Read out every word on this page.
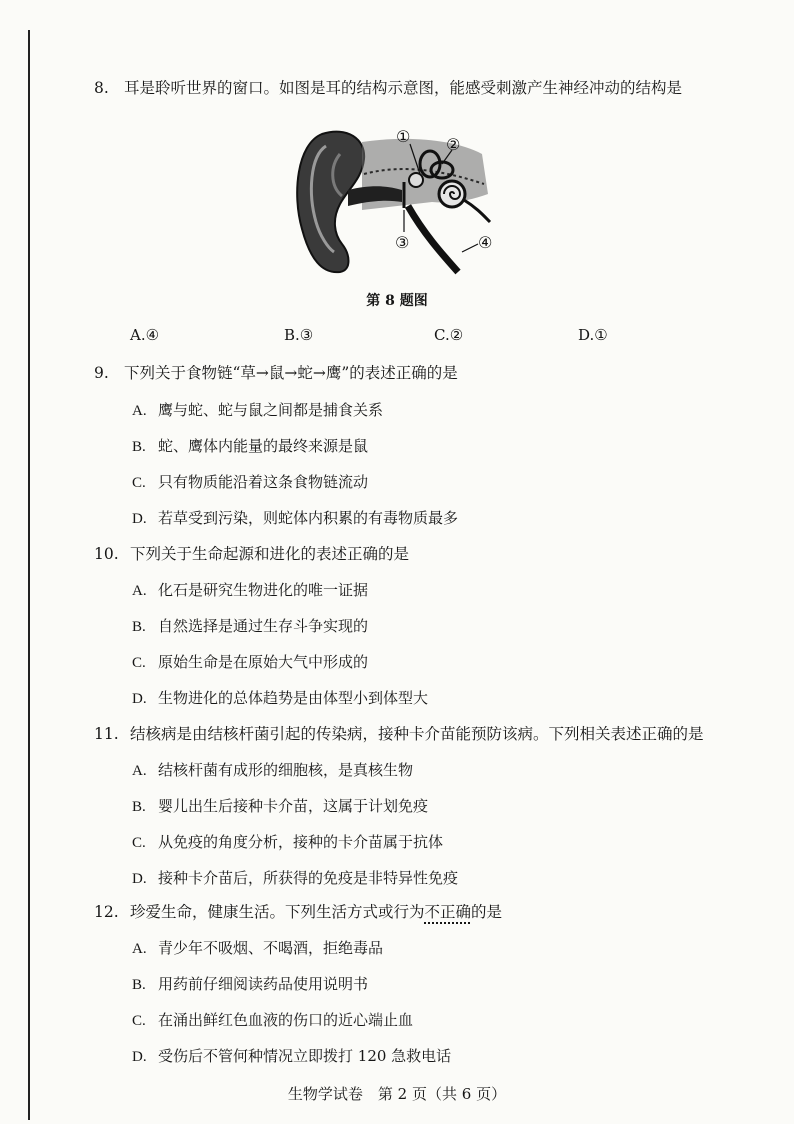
8. 耳是聆听世界的窗口。如图是耳的结构示意图，能感受刺激产生神经冲动的结构是
① ②
③	④
第 8 题图
A.④	B.③	C.②	D.①
9. 下列关于食物链“草→鼠→蛇→鹰”的表述正确的是
A. 鹰与蛇、蛇与鼠之间都是捕食关系
B. 蛇、鹰体内能量的最终来源是鼠
C. 只有物质能沿着这条食物链流动
D. 若草受到污染，则蛇体内积累的有毒物质最多
10. 下列关于生命起源和进化的表述正确的是
A. 化石是研究生物进化的唯一证据
B. 自然选择是通过生存斗争实现的
C. 原始生命是在原始大气中形成的
D. 生物进化的总体趋势是由体型小到体型大
11. 结核病是由结核杆菌引起的传染病，接种卡介苗能预防该病。下列相关表述正确的是
A. 结核杆菌有成形的细胞核，是真核生物
B. 婴儿出生后接种卡介苗，这属于计划免疫
C. 从免疫的角度分析，接种的卡介苗属于抗体
D. 接种卡介苗后，所获得的免疫是非特异性免疫
12. 珍爱生命，健康生活。下列生活方式或行为 不正确 的是
A. 青少年不吸烟、不喝酒，拒绝毒品
B. 用药前仔细阅读药品使用说明书
C. 在涌出鲜红色血液的伤口的近心端止血
D. 受伤后不管何种情况立即拨打 120 急救电话
生物学试卷　第 2 页（共 6 页）
